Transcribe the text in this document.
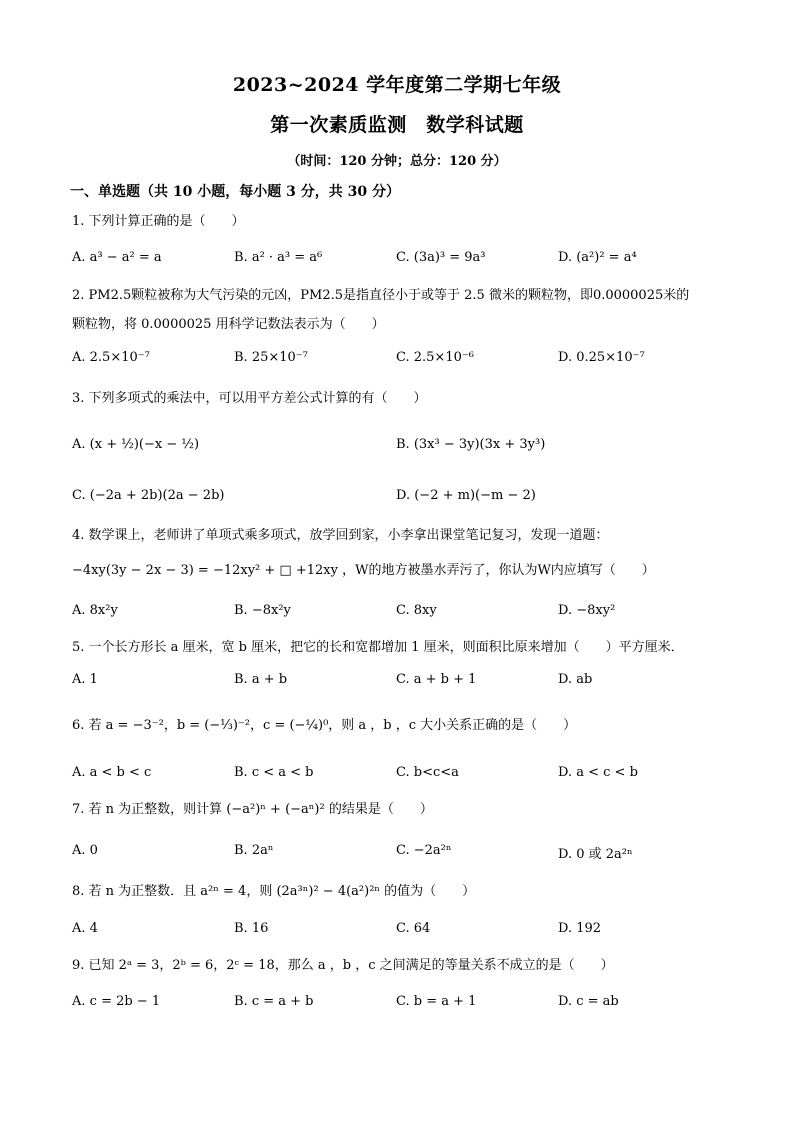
2023~2024 学年度第二学期七年级
第一次素质监测　数学科试题
（时间：120 分钟；总分：120 分）
一、单选题（共 10 小题，每小题 3 分，共 30 分）
1. 下列计算正确的是（　　）
A. a³ − a² = a	B. a² · a³ = a⁶	C. (3a)³ = 9a³	D. (a²)² = a⁴
2. PM2.5颗粒被称为大气污染的元凶，PM2.5是指直径小于或等于 2.5 微米的颗粒物，即0.0000025米的
颗粒物，将 0.0000025 用科学记数法表示为（　　）
A. 2.5×10⁻⁷	B. 25×10⁻⁷	C. 2.5×10⁻⁶	D. 0.25×10⁻⁷
3. 下列多项式的乘法中，可以用平方差公式计算的有（　　）
A. (x + ½)(−x − ½)	B. (3x³ − 3y)(3x + 3y³)
C. (−2a + 2b)(2a − 2b)	D. (−2 + m)(−m − 2)
4. 数学课上，老师讲了单项式乘多项式，放学回到家，小李拿出课堂笔记复习，发现一道题：
−4xy(3y − 2x − 3) = −12xy² + □ +12xy ，W的地方被墨水弄污了，你认为W内应填写（　　）
A. 8x²y	B. −8x²y	C. 8xy	D. −8xy²
5. 一个长方形长 a 厘米，宽 b 厘米，把它的长和宽都增加 1 厘米，则面积比原来增加（　　）平方厘米．
A. 1	B. a + b	C. a + b + 1	D. ab
6. 若 a = −3⁻²，b = (−⅓)⁻²，c = (−¼)⁰，则 a ，b ，c 大小关系正确的是（　　）
A. a < b < c	B. c < a < b	C. b<c<a	D. a < c < b
7. 若 n 为正整数，则计算 (−a²)ⁿ + (−aⁿ)² 的结果是（　　）
A. 0	B. 2aⁿ	C. −2a²ⁿ	D. 0 或 2a²ⁿ
8. 若 n 为正整数．且 a²ⁿ = 4，则 (2a³ⁿ)² − 4(a²)²ⁿ 的值为（　　）
A. 4	B. 16	C. 64	D. 192
9. 已知 2ᵃ = 3，2ᵇ = 6，2ᶜ = 18，那么 a ，b ，c 之间满足的等量关系不成立的是（　　）
A. c = 2b − 1	B. c = a + b	C. b = a + 1	D. c = ab
